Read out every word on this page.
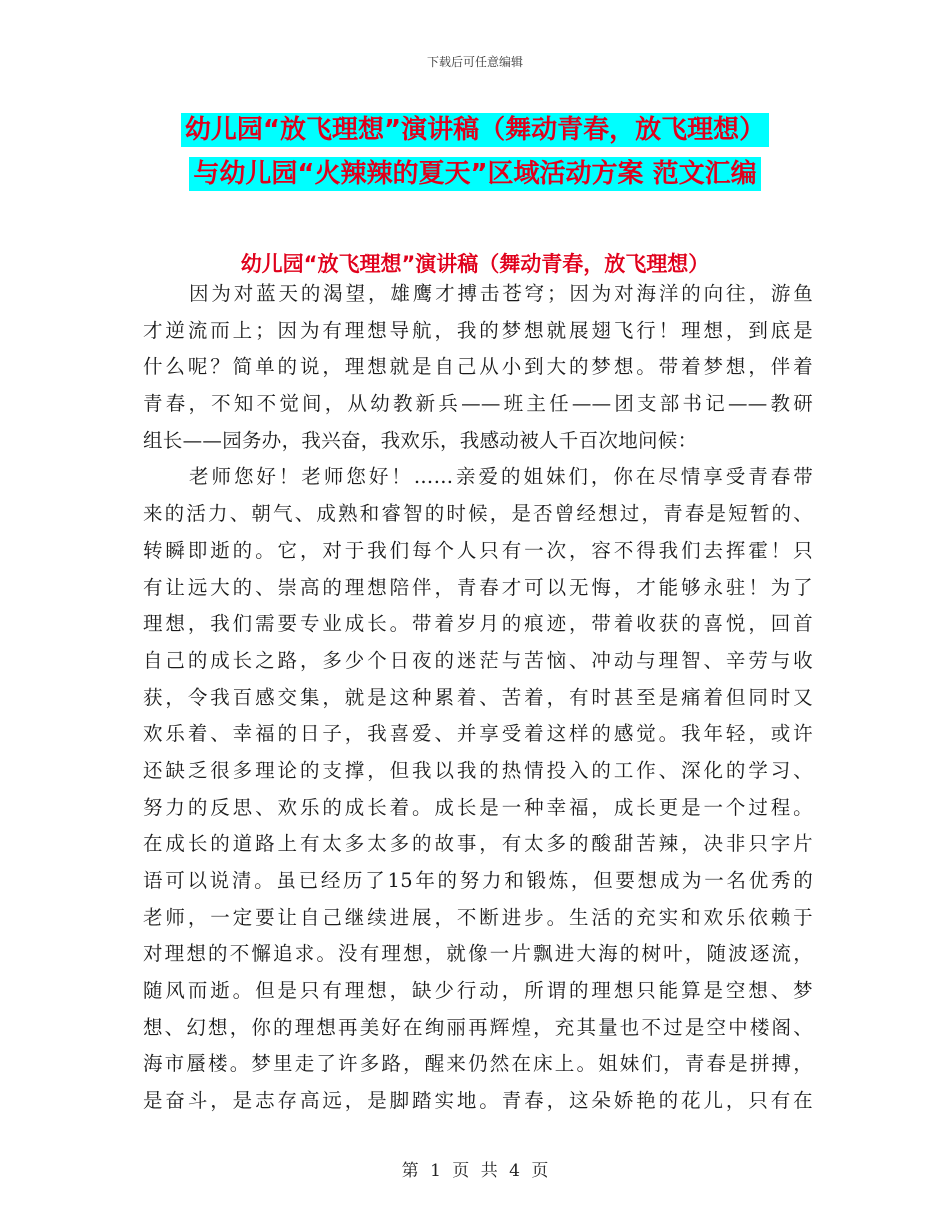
下载后可任意编辑
幼儿园“放飞理想”演讲稿（舞动青春，放飞理想）
与幼儿园“火辣辣的夏天”区域活动方案 范文汇编
幼儿园“放飞理想”演讲稿（舞动青春，放飞理想）
因为对蓝天的渴望，雄鹰才搏击苍穹；因为对海洋的向往，游鱼
才逆流而上；因为有理想导航，我的梦想就展翅飞行！理想，到底是
什么呢？简单的说，理想就是自己从小到大的梦想。带着梦想，伴着
青春，不知不觉间，从幼教新兵——班主任——团支部书记——教研
组长——园务办，我兴奋，我欢乐，我感动被人千百次地问候：
老师您好！老师您好！……亲爱的姐妹们，你在尽情享受青春带
来的活力、朝气、成熟和睿智的时候，是否曾经想过，青春是短暂的、
转瞬即逝的。它，对于我们每个人只有一次，容不得我们去挥霍！只
有让远大的、崇高的理想陪伴，青春才可以无悔，才能够永驻！为了
理想，我们需要专业成长。带着岁月的痕迹，带着收获的喜悦，回首
自己的成长之路，多少个日夜的迷茫与苦恼、冲动与理智、辛劳与收
获，令我百感交集，就是这种累着、苦着，有时甚至是痛着但同时又
欢乐着、幸福的日子，我喜爱、并享受着这样的感觉。我年轻，或许
还缺乏很多理论的支撑，但我以我的热情投入的工作、深化的学习、
努力的反思、欢乐的成长着。成长是一种幸福，成长更是一个过程。
在成长的道路上有太多太多的故事，有太多的酸甜苦辣，决非只字片
语可以说清。虽已经历了15年的努力和锻炼，但要想成为一名优秀的
老师，一定要让自己继续进展，不断进步。生活的充实和欢乐依赖于
对理想的不懈追求。没有理想，就像一片飘进大海的树叶，随波逐流，
随风而逝。但是只有理想，缺少行动，所谓的理想只能算是空想、梦
想、幻想，你的理想再美好在绚丽再辉煌，充其量也不过是空中楼阁、
海市蜃楼。梦里走了许多路，醒来仍然在床上。姐妹们，青春是拼搏，
是奋斗，是志存高远，是脚踏实地。青春，这朵娇艳的花儿，只有在
第 1 页 共 4 页
